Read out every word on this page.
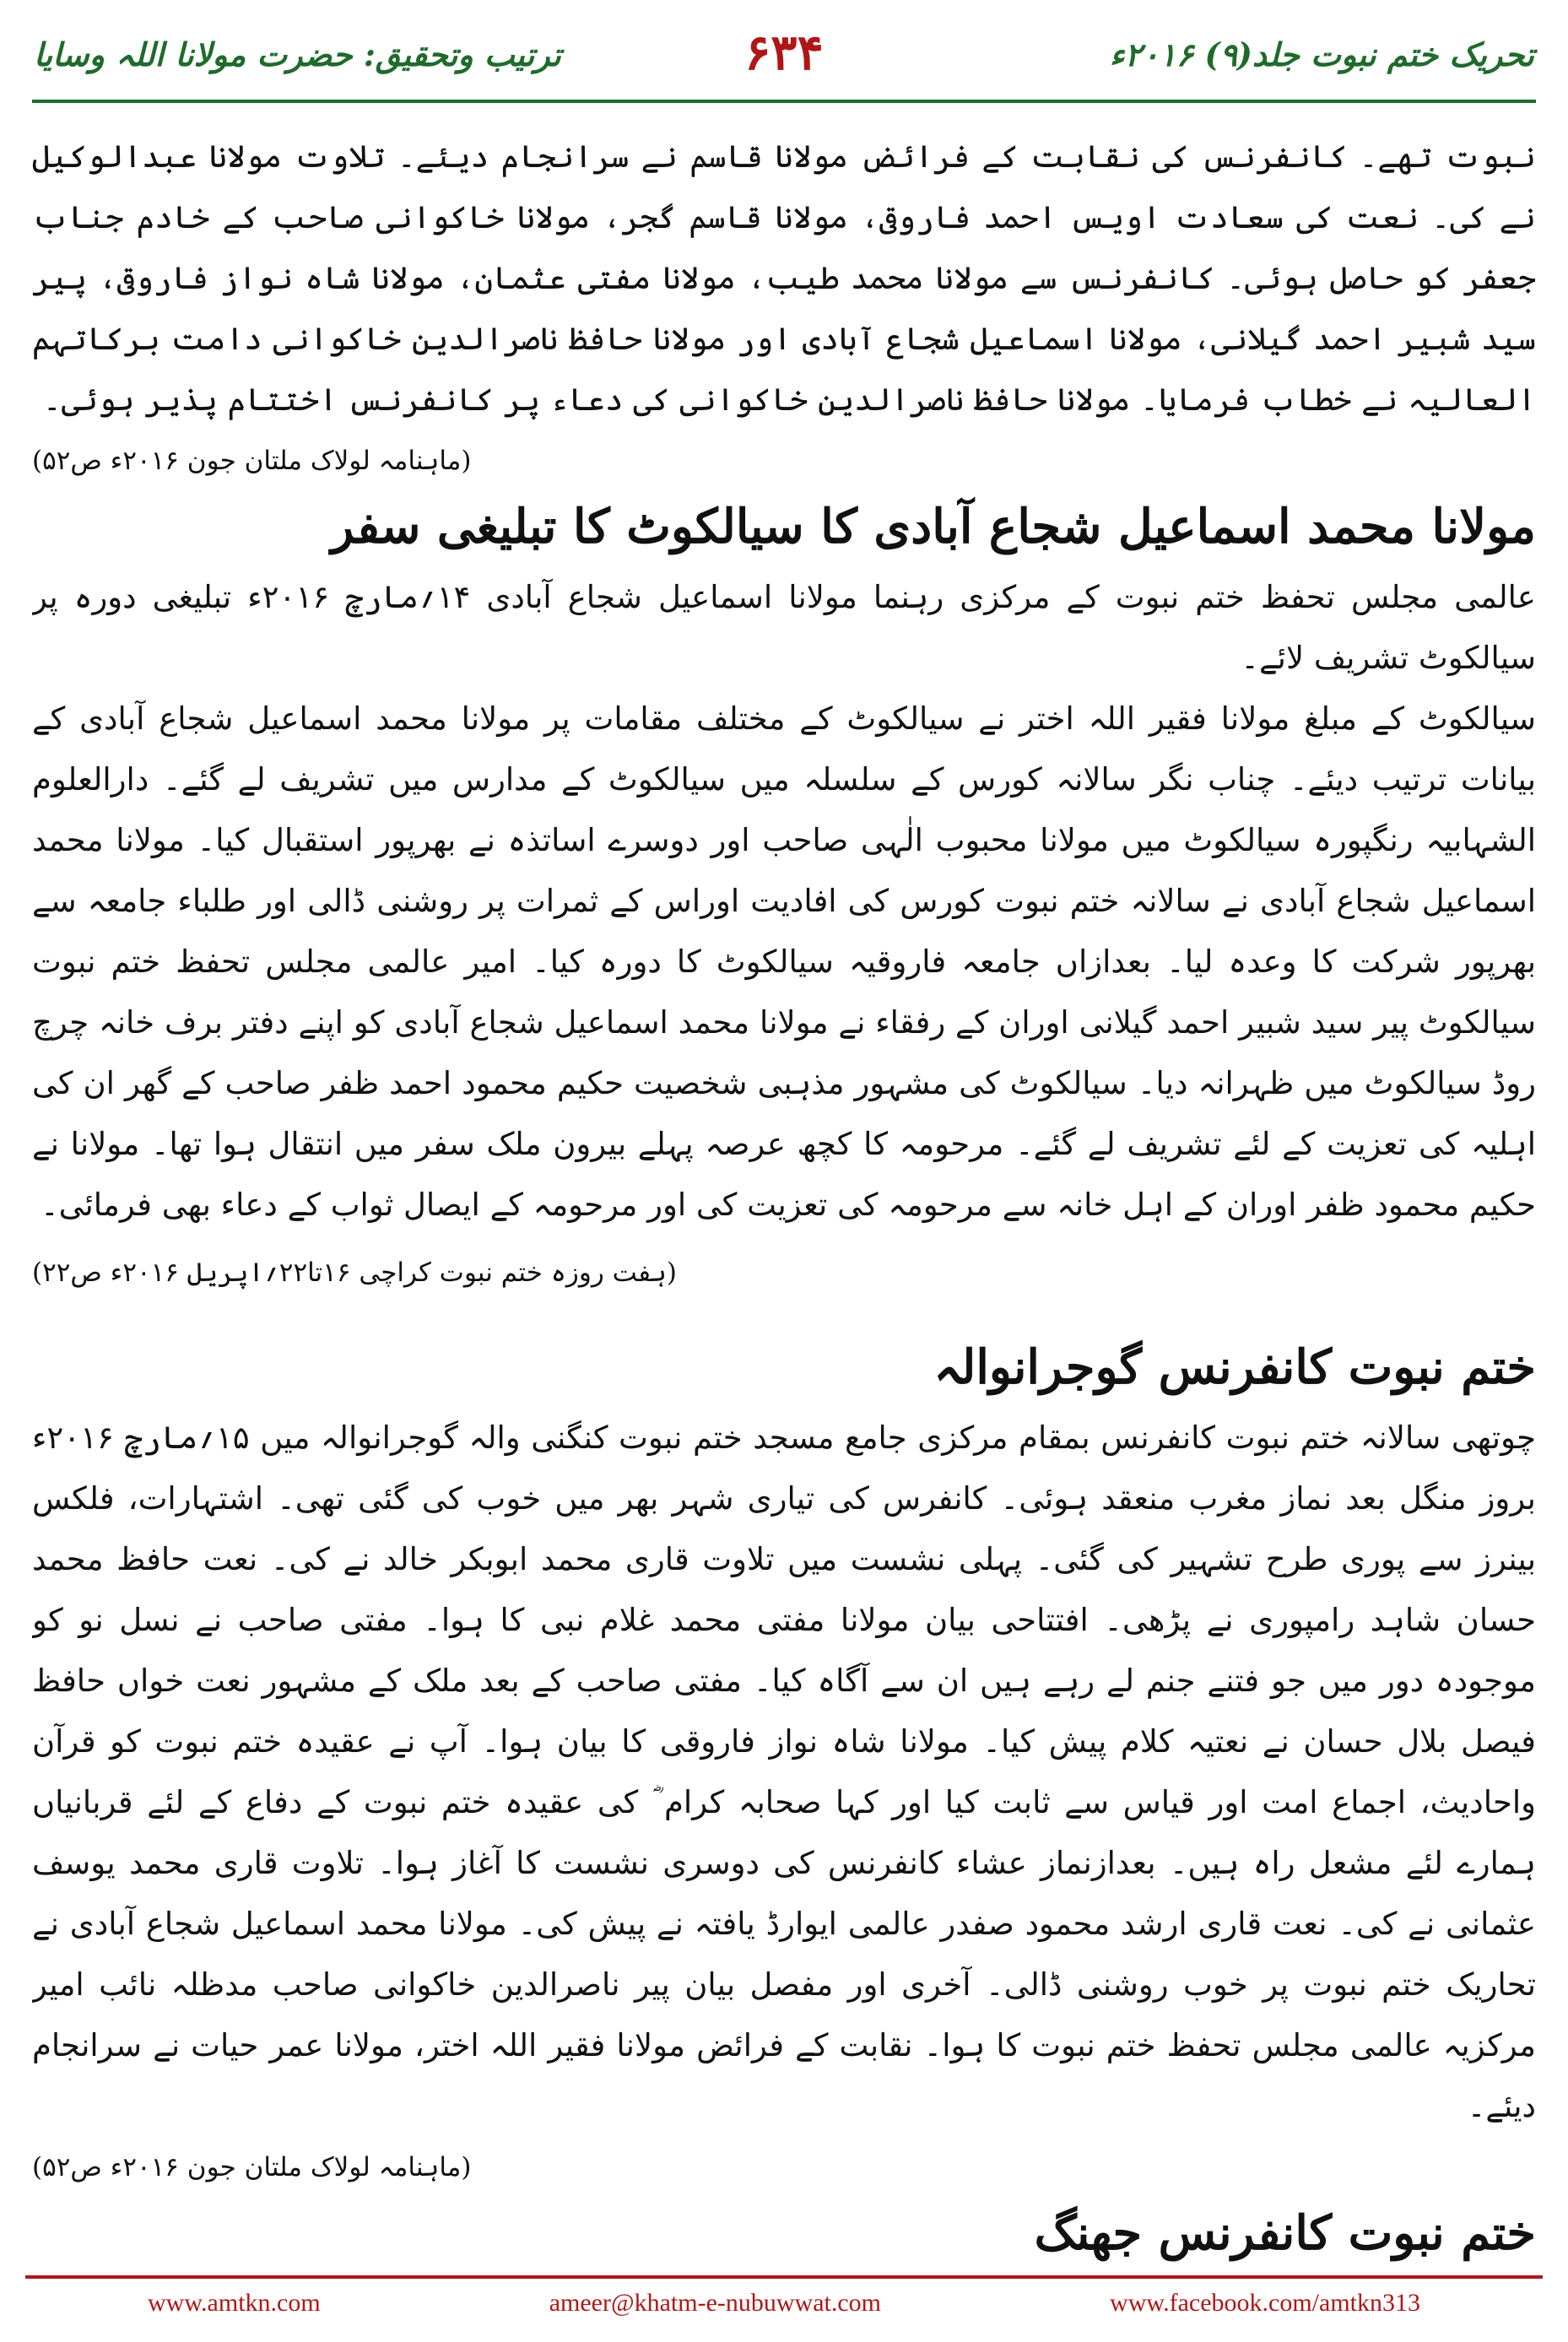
تحریک ختم نبوت جلد(۹) ۲۰۱۶ء
۶۳۴
ترتیب وتحقیق: حضرت مولانا اللہ وسایا

نبوت تھے۔ کانفرنس کی نقابت کے فرائض مولانا قاسم نے سرانجام دیئے۔ تلاوت مولانا عبدالوکیل نے کی۔ نعت کی سعادت اویس احمد فاروقی، مولانا قاسم گجر، مولانا خاکوانی صاحب کے خادم جناب جعفر کو حاصل ہوئی۔ کانفرنس سے مولانا محمد طیب، مولانا مفتی عثمان، مولانا شاہ نواز فاروقی، پیر سید شبیر احمد گیلانی، مولانا اسماعیل شجاع آبادی اور مولانا حافظ ناصرالدین خاکوانی دامت برکاتہم العالیہ نے خطاب فرمایا۔ مولانا حافظ ناصرالدین خاکوانی کی دعاء پر کانفرنس اختتام پذیر ہوئی۔

(ماہنامہ لولاک ملتان جون ۲۰۱۶ء ص۵۲)
مولانا محمد اسماعیل شجاع آبادی کا سیالکوٹ کا تبلیغی سفر

عالمی مجلس تحفظ ختم نبوت کے مرکزی رہنما مولانا اسماعیل شجاع آبادی ۱۴؍مارچ ۲۰۱۶ء تبلیغی دورہ پر سیالکوٹ تشریف لائے۔

سیالکوٹ کے مبلغ مولانا فقیر اللہ اختر نے سیالکوٹ کے مختلف مقامات پر مولانا محمد اسماعیل شجاع آبادی کے بیانات ترتیب دیئے۔ چناب نگر سالانہ کورس کے سلسلہ میں سیالکوٹ کے مدارس میں تشریف لے گئے۔ دارالعلوم الشہابیہ رنگپورہ سیالکوٹ میں مولانا محبوب الٰہی صاحب اور دوسرے اساتذہ نے بھرپور استقبال کیا۔ مولانا محمد اسماعیل شجاع آبادی نے سالانہ ختم نبوت کورس کی افادیت اوراس کے ثمرات پر روشنی ڈالی اور طلباء جامعہ سے بھرپور شرکت کا وعدہ لیا۔ بعدازاں جامعہ فاروقیہ سیالکوٹ کا دورہ کیا۔ امیر عالمی مجلس تحفظ ختم نبوت سیالکوٹ پیر سید شبیر احمد گیلانی اوران کے رفقاء نے مولانا محمد اسماعیل شجاع آبادی کو اپنے دفتر برف خانہ چرچ روڈ سیالکوٹ میں ظہرانہ دیا۔ سیالکوٹ کی مشہور مذہبی شخصیت حکیم محمود احمد ظفر صاحب کے گھر ان کی اہلیہ کی تعزیت کے لئے تشریف لے گئے۔ مرحومہ کا کچھ عرصہ پہلے بیرون ملک سفر میں انتقال ہوا تھا۔ مولانا نے حکیم محمود ظفر اوران کے اہل خانہ سے مرحومہ کی تعزیت کی اور مرحومہ کے ایصال ثواب کے دعاء بھی فرمائی۔

(ہفت روزہ ختم نبوت کراچی ۱۶تا۲۲؍اپریل ۲۰۱۶ء ص۲۲)
ختم نبوت کانفرنس گوجرانوالہ

چوتھی سالانہ ختم نبوت کانفرنس بمقام مرکزی جامع مسجد ختم نبوت کنگنی والہ گوجرانوالہ میں ۱۵؍مارچ ۲۰۱۶ء بروز منگل بعد نماز مغرب منعقد ہوئی۔ کانفرس کی تیاری شہر بھر میں خوب کی گئی تھی۔ اشتہارات، فلکس بینرز سے پوری طرح تشہیر کی گئی۔ پہلی نشست میں تلاوت قاری محمد ابوبکر خالد نے کی۔ نعت حافظ محمد حسان شاہد رامپوری نے پڑھی۔ افتتاحی بیان مولانا مفتی محمد غلام نبی کا ہوا۔ مفتی صاحب نے نسل نو کو موجودہ دور میں جو فتنے جنم لے رہے ہیں ان سے آگاہ کیا۔ مفتی صاحب کے بعد ملک کے مشہور نعت خواں حافظ فیصل بلال حسان نے نعتیہ کلام پیش کیا۔ مولانا شاہ نواز فاروقی کا بیان ہوا۔ آپ نے عقیدہ ختم نبوت کو قرآن واحادیث، اجماع امت اور قیاس سے ثابت کیا اور کہا صحابہ کرام ؓ کی عقیدہ ختم نبوت کے دفاع کے لئے قربانیاں ہمارے لئے مشعل راہ ہیں۔ بعدازنماز عشاء کانفرنس کی دوسری نشست کا آغاز ہوا۔ تلاوت قاری محمد یوسف عثمانی نے کی۔ نعت قاری ارشد محمود صفدر عالمی ایوارڈ یافتہ نے پیش کی۔ مولانا محمد اسماعیل شجاع آبادی نے تحاریک ختم نبوت پر خوب روشنی ڈالی۔ آخری اور مفصل بیان پیر ناصرالدین خاکوانی صاحب مدظلہ نائب امیر مرکزیہ عالمی مجلس تحفظ ختم نبوت کا ہوا۔ نقابت کے فرائض مولانا فقیر اللہ اختر، مولانا عمر حیات نے سرانجام دیئے۔

(ماہنامہ لولاک ملتان جون ۲۰۱۶ء ص۵۲)
ختم نبوت کانفرنس جھنگ

www.amtkn.com	ameer@khatm-e-nubuwwat.com	www.facebook.com/amtkn313
